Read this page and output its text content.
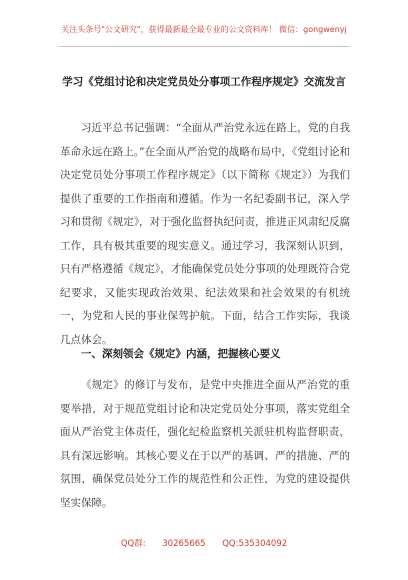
关注头条号"公文研究"，获得最新最全最专业的公文资料库！ 微信：gongwenyj
学习《党组讨论和决定党员处分事项工作程序规定》交流发言

习近平总书记强调：“全面从严治党永远在路上，党的自我革命永远在路上。”在全面从严治党的战略布局中，《党组讨论和决定党员处分事项工作程序规定》（以下简称《规定》）为我们提供了重要的工作指南和遵循。作为一名纪委副书记，深入学习和贯彻《规定》，对于强化监督执纪问责，推进正风肃纪反腐工作，具有极其重要的现实意义。通过学习，我深刻认识到，只有严格遵循《规定》，才能确保党员处分事项的处理既符合党纪要求，又能实现政治效果、纪法效果和社会效果的有机统一，为党和人民的事业保驾护航。下面，结合工作实际，我谈几点体会。

一、深刻领会《规定》内涵，把握核心要义

《规定》的修订与发布，是党中央推进全面从严治党的重要举措，对于规范党组讨论和决定党员处分事项，落实党组全面从严治党主体责任，强化纪检监察机关派驻机构监督职责，具有深远影响。其核心要义在于以严的基调、严的措施、严的氛围，确保党员处分工作的规范性和公正性，为党的建设提供坚实保障。

QQ群: 30265665 QQ:535304092
